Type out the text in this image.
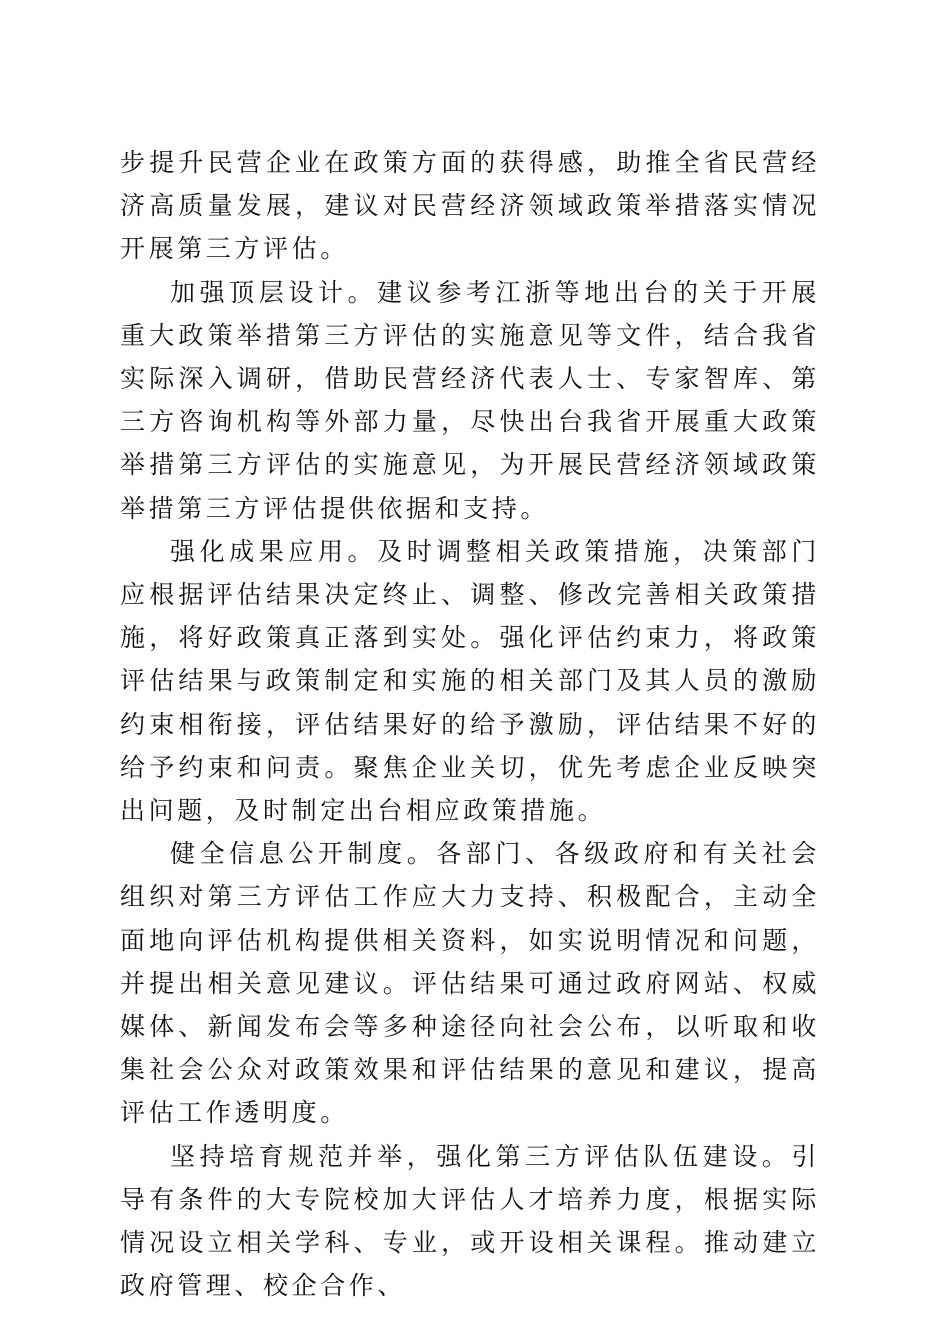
步提升民营企业在政策方面的获得感，助推全省民营经济高质量发展，建议对民营经济领域政策举措落实情况开展第三方评估。

加强顶层设计。建议参考江浙等地出台的关于开展重大政策举措第三方评估的实施意见等文件，结合我省实际深入调研，借助民营经济代表人士、专家智库、第三方咨询机构等外部力量，尽快出台我省开展重大政策举措第三方评估的实施意见，为开展民营经济领域政策举措第三方评估提供依据和支持。

强化成果应用。及时调整相关政策措施，决策部门应根据评估结果决定终止、调整、修改完善相关政策措施，将好政策真正落到实处。强化评估约束力，将政策评估结果与政策制定和实施的相关部门及其人员的激励约束相衔接，评估结果好的给予激励，评估结果不好的给予约束和问责。聚焦企业关切，优先考虑企业反映突出问题，及时制定出台相应政策措施。

健全信息公开制度。各部门、各级政府和有关社会组织对第三方评估工作应大力支持、积极配合，主动全面地向评估机构提供相关资料，如实说明情况和问题，并提出相关意见建议。评估结果可通过政府网站、权威媒体、新闻发布会等多种途径向社会公布，以听取和收集社会公众对政策效果和评估结果的意见和建议，提高评估工作透明度。

坚持培育规范并举，强化第三方评估队伍建设。引导有条件的大专院校加大评估人才培养力度，根据实际情况设立相关学科、专业，或开设相关课程。推动建立政府管理、校企合作、
